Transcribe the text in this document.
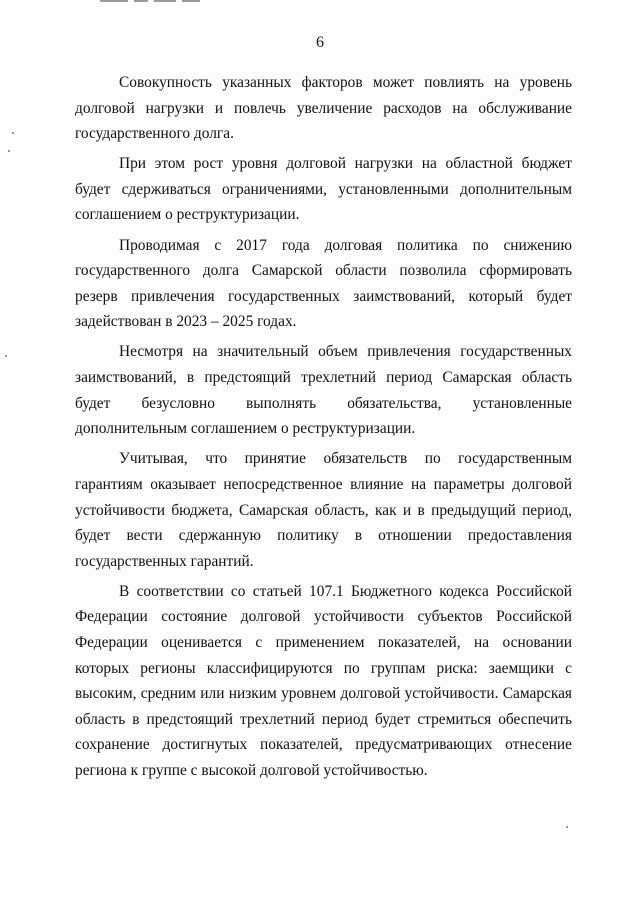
6

Совокупность указанных факторов может повлиять на уровень долговой нагрузки и повлечь увеличение расходов на обслуживание государственного долга.

При этом рост уровня долговой нагрузки на областной бюджет будет сдерживаться ограничениями, установленными дополнительным соглашением о реструктуризации.

Проводимая с 2017 года долговая политика по снижению государственного долга Самарской области позволила сформировать резерв привлечения государственных заимствований, который будет задействован в 2023 – 2025 годах.

Несмотря на значительный объем привлечения государственных заимствований, в предстоящий трехлетний период Самарская область будет безусловно выполнять обязательства, установленные дополнительным соглашением о реструктуризации.

Учитывая, что принятие обязательств по государственным гарантиям оказывает непосредственное влияние на параметры долговой устойчивости бюджета, Самарская область, как и в предыдущий период, будет вести сдержанную политику в отношении предоставления государственных гарантий.

В соответствии со статьей 107.1 Бюджетного кодекса Российской Федерации состояние долговой устойчивости субъектов Российской Федерации оценивается с применением показателей, на основании которых регионы классифицируются по группам риска: заемщики с высоким, средним или низким уровнем долговой устойчивости. Самарская область в предстоящий трехлетний период будет стремиться обеспечить сохранение достигнутых показателей, предусматривающих отнесение региона к группе с высокой долговой устойчивостью.
